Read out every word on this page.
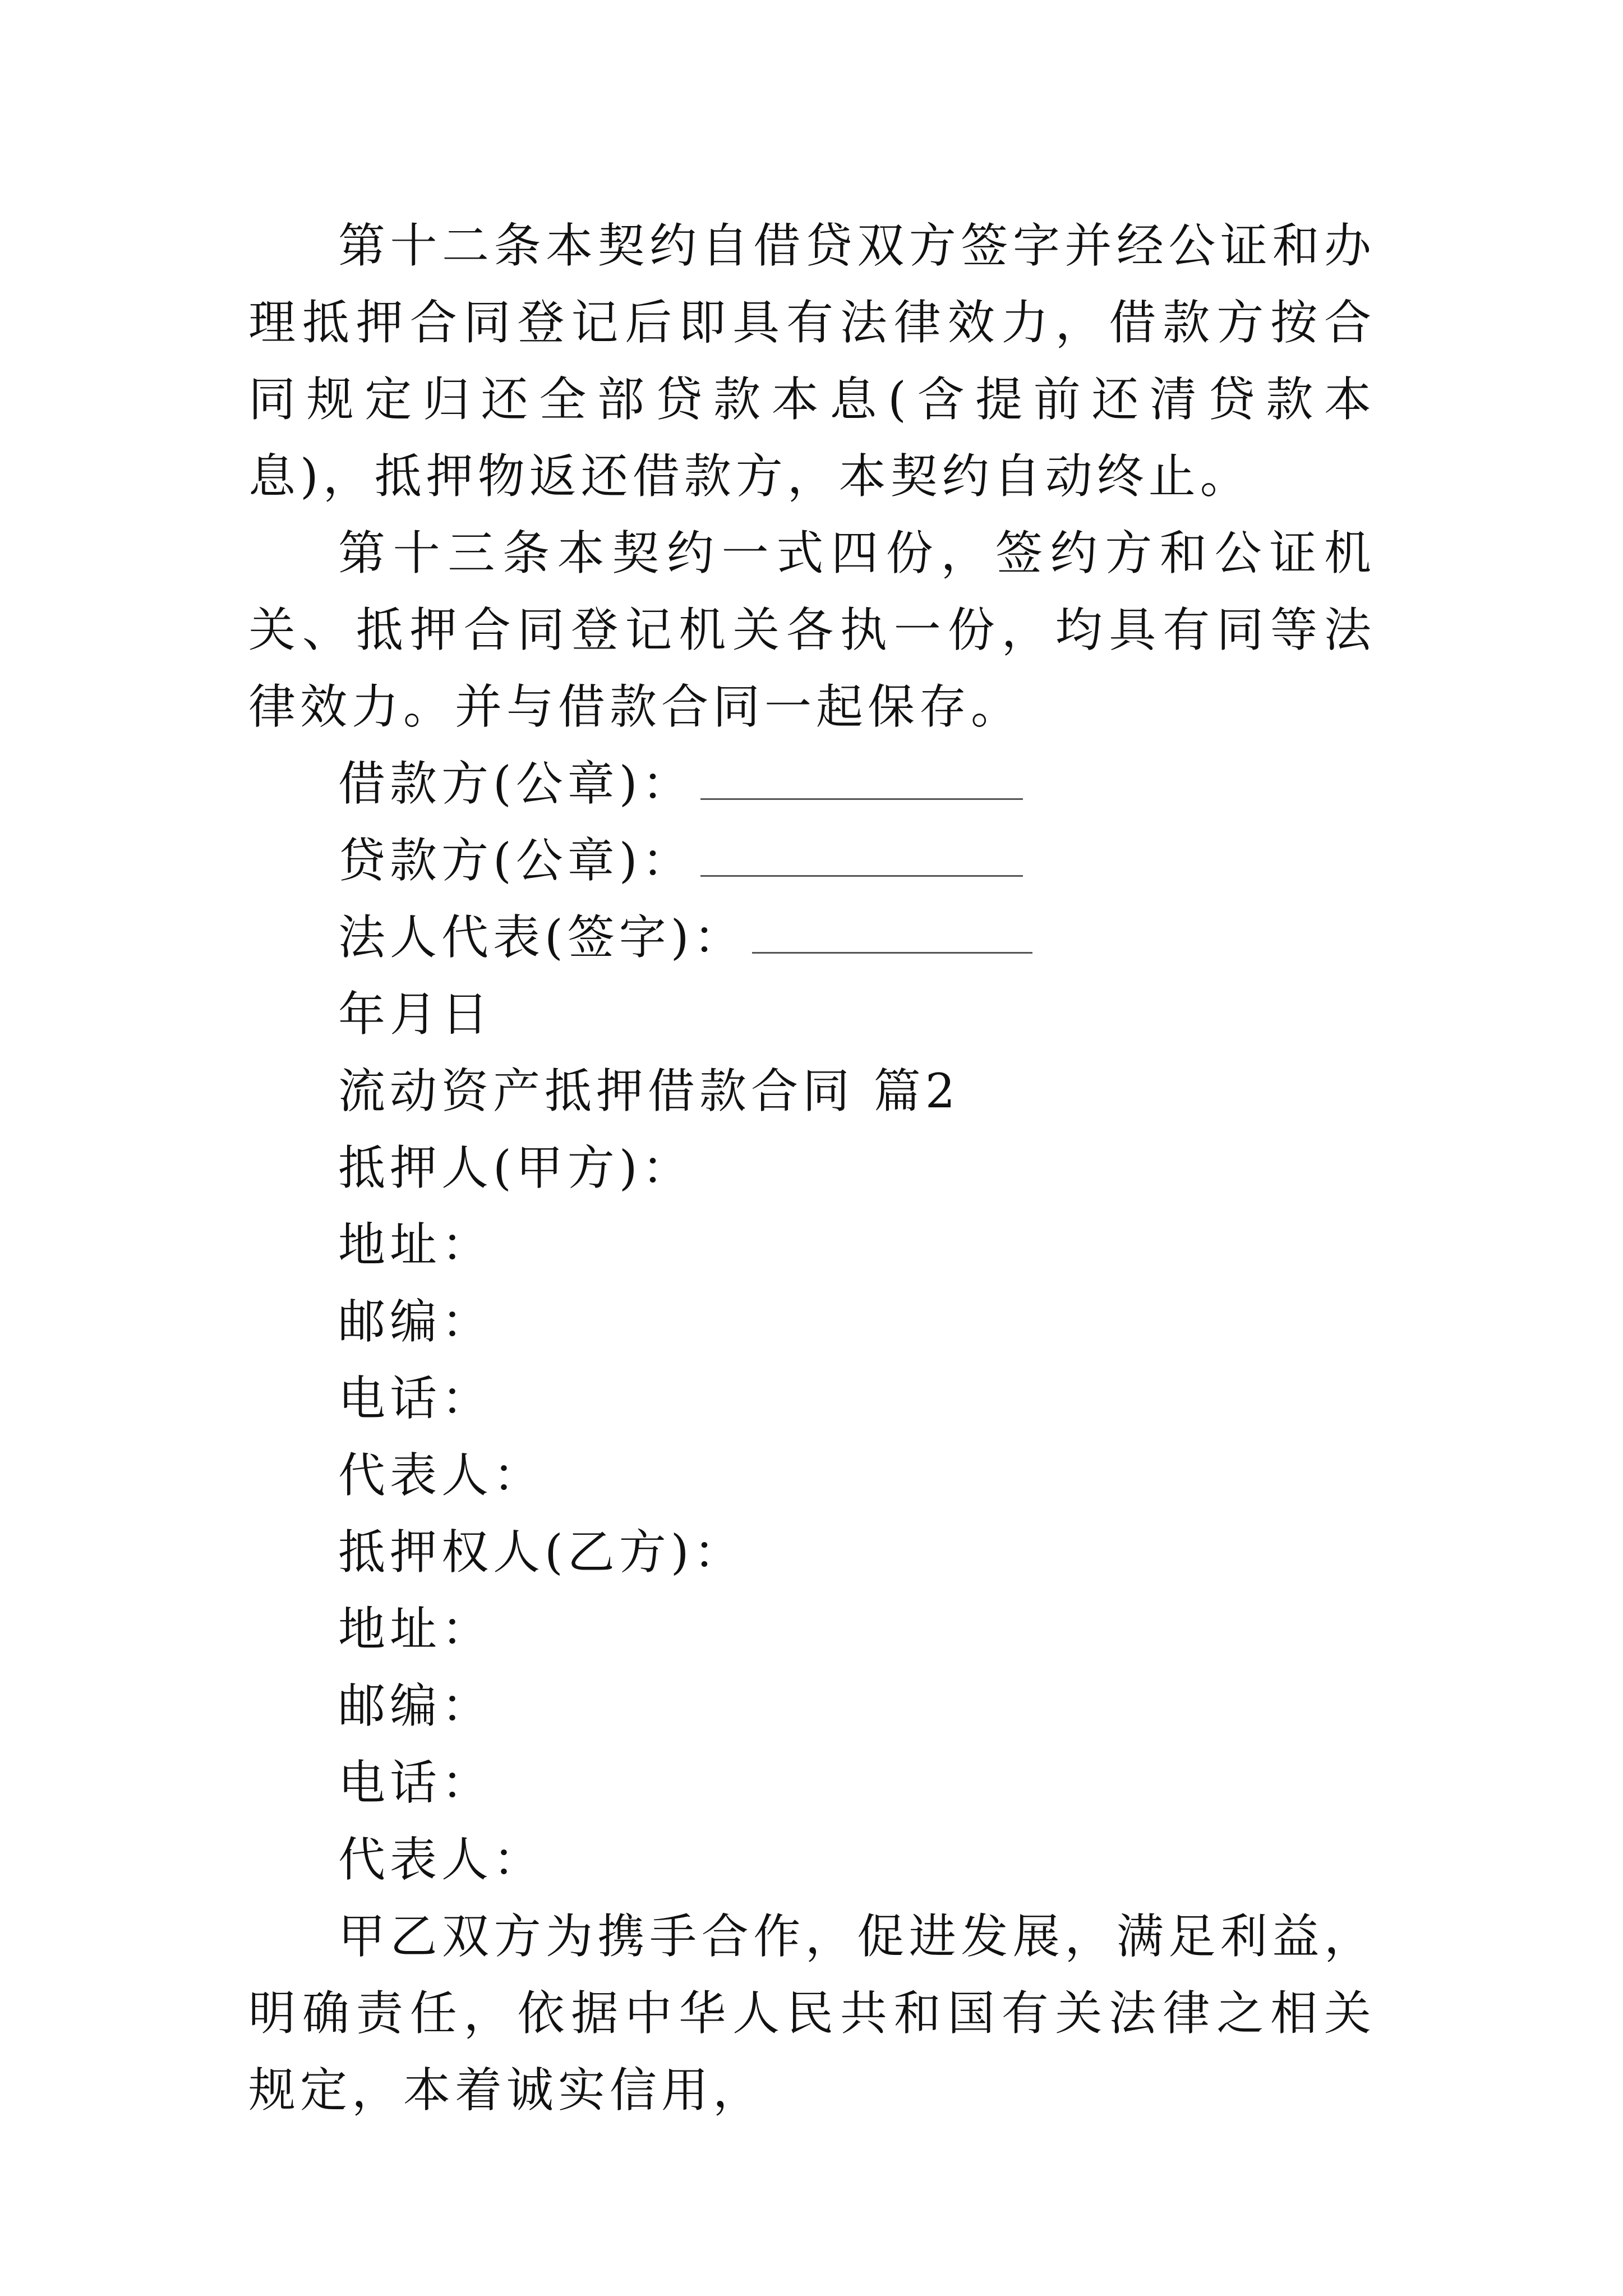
第十二条本契约自借贷双方签字并经公证和办理抵押合同登记后即具有法律效力，借款方按合同规定归还全部贷款本息(含提前还清贷款本息)，抵押物返还借款方，本契约自动终止。

第十三条本契约一式四份，签约方和公证机关、抵押合同登记机关各执一份，均具有同等法律效力。并与借款合同一起保存。

借款方(公章)：
贷款方(公章)：
法人代表(签字)：
年月日
流动资产抵押借款合同 篇2
抵押人(甲方)：
地址：
邮编：
电话：
代表人：
抵押权人(乙方)：
地址：
邮编：
电话：
代表人：

甲乙双方为携手合作，促进发展，满足利益，明确责任，依据中华人民共和国有关法律之相关规定，本着诚实信用，
